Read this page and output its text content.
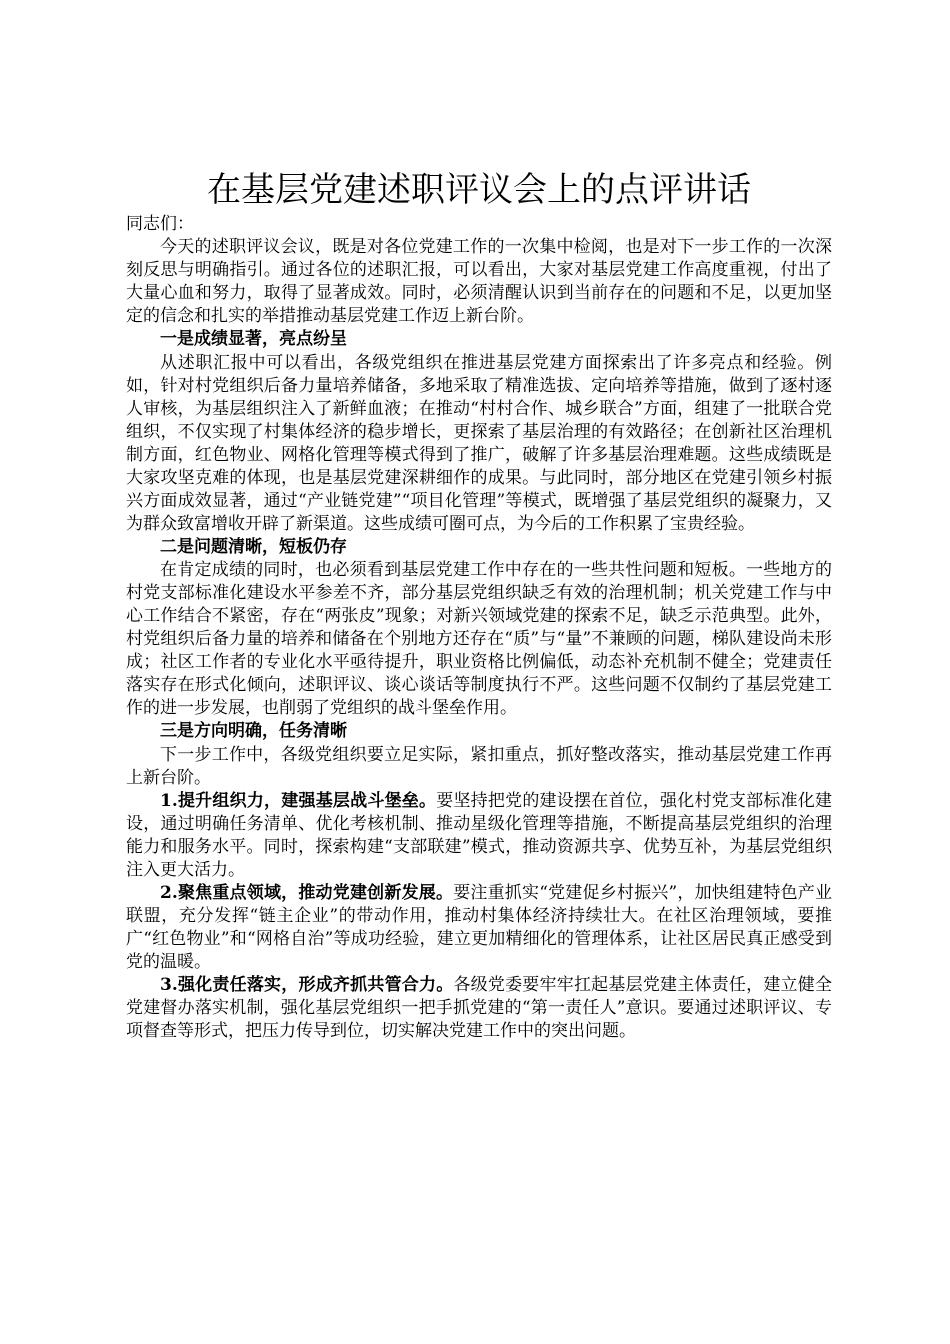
在基层党建述职评议会上的点评讲话

同志们：

今天的述职评议会议，既是对各位党建工作的一次集中检阅，也是对下一步工作的一次深刻反思与明确指引。通过各位的述职汇报，可以看出，大家对基层党建工作高度重视，付出了大量心血和努力，取得了显著成效。同时，必须清醒认识到当前存在的问题和不足，以更加坚定的信念和扎实的举措推动基层党建工作迈上新台阶。

一是成绩显著，亮点纷呈

从述职汇报中可以看出，各级党组织在推进基层党建方面探索出了许多亮点和经验。例如，针对村党组织后备力量培养储备，多地采取了精准选拔、定向培养等措施，做到了逐村逐人审核，为基层组织注入了新鲜血液；在推动“村村合作、城乡联合”方面，组建了一批联合党组织，不仅实现了村集体经济的稳步增长，更探索了基层治理的有效路径；在创新社区治理机制方面，红色物业、网格化管理等模式得到了推广，破解了许多基层治理难题。这些成绩既是大家攻坚克难的体现，也是基层党建深耕细作的成果。与此同时，部分地区在党建引领乡村振兴方面成效显著，通过“产业链党建”“项目化管理”等模式，既增强了基层党组织的凝聚力，又为群众致富增收开辟了新渠道。这些成绩可圈可点，为今后的工作积累了宝贵经验。

二是问题清晰，短板仍存

在肯定成绩的同时，也必须看到基层党建工作中存在的一些共性问题和短板。一些地方的村党支部标准化建设水平参差不齐，部分基层党组织缺乏有效的治理机制；机关党建工作与中心工作结合不紧密，存在“两张皮”现象；对新兴领域党建的探索不足，缺乏示范典型。此外，村党组织后备力量的培养和储备在个别地方还存在“质”与“量”不兼顾的问题，梯队建设尚未形成；社区工作者的专业化水平亟待提升，职业资格比例偏低，动态补充机制不健全；党建责任落实存在形式化倾向，述职评议、谈心谈话等制度执行不严。这些问题不仅制约了基层党建工作的进一步发展，也削弱了党组织的战斗堡垒作用。

三是方向明确，任务清晰

下一步工作中，各级党组织要立足实际，紧扣重点，抓好整改落实，推动基层党建工作再上新台阶。

1.提升组织力，建强基层战斗堡垒。要坚持把党的建设摆在首位，强化村党支部标准化建设，通过明确任务清单、优化考核机制、推动星级化管理等措施，不断提高基层党组织的治理能力和服务水平。同时，探索构建“支部联建”模式，推动资源共享、优势互补，为基层党组织注入更大活力。

2.聚焦重点领域，推动党建创新发展。要注重抓实“党建促乡村振兴”，加快组建特色产业联盟，充分发挥“链主企业”的带动作用，推动村集体经济持续壮大。在社区治理领域，要推广“红色物业”和“网格自治”等成功经验，建立更加精细化的管理体系，让社区居民真正感受到党的温暖。

3.强化责任落实，形成齐抓共管合力。各级党委要牢牢扛起基层党建主体责任，建立健全党建督办落实机制，强化基层党组织一把手抓党建的“第一责任人”意识。要通过述职评议、专项督查等形式，把压力传导到位，切实解决党建工作中的突出问题。
